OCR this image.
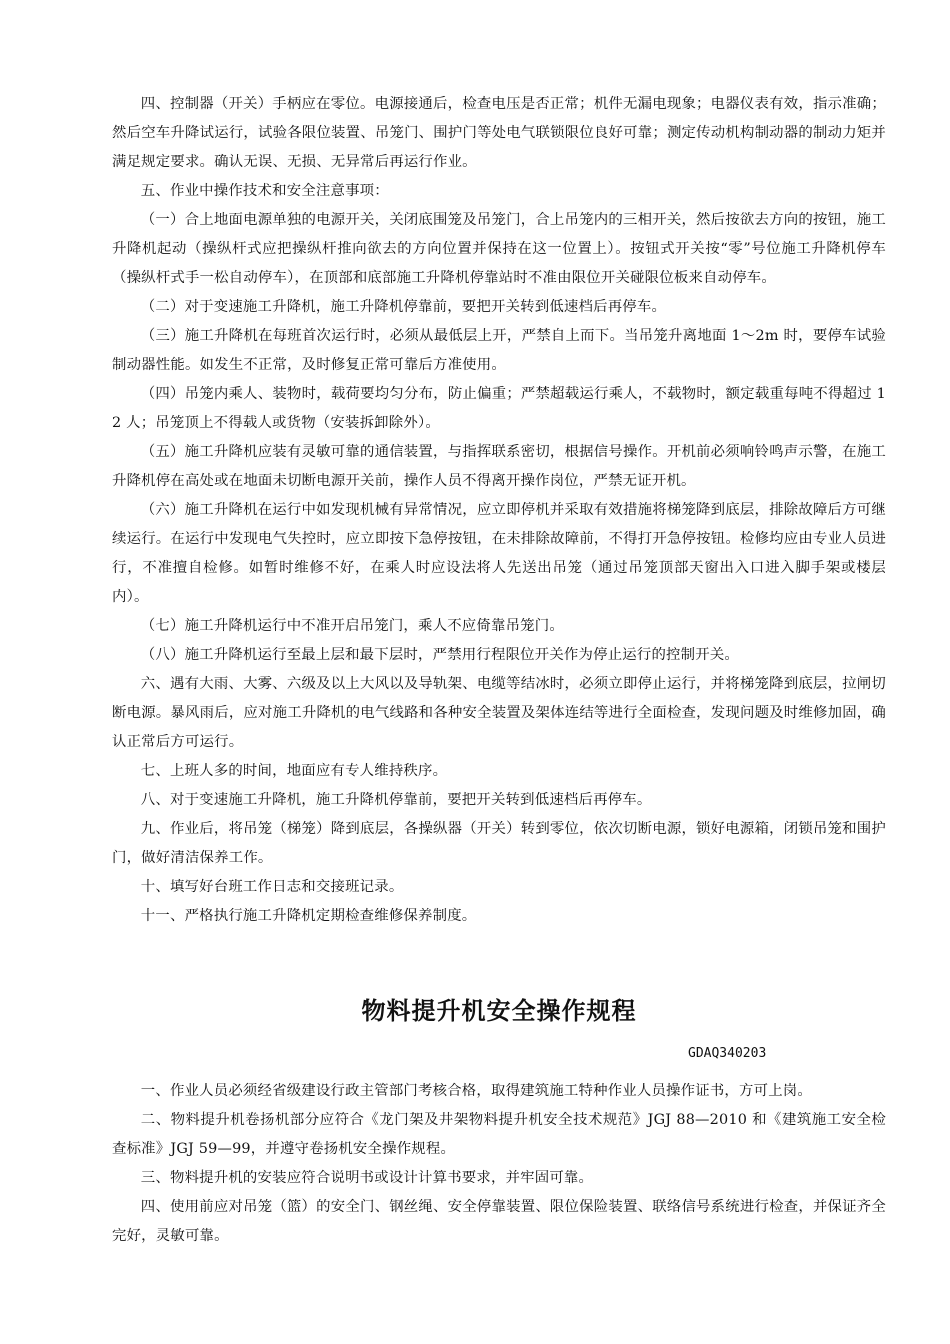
四、控制器（开关）手柄应在零位。电源接通后，检查电压是否正常；机件无漏电现象；电器仪表有效，指示准确；然后空车升降试运行，试验各限位装置、吊笼门、围护门等处电气联锁限位良好可靠；测定传动机构制动器的制动力矩并满足规定要求。确认无误、无损、无异常后再运行作业。

五、作业中操作技术和安全注意事项：

（一）合上地面电源单独的电源开关，关闭底围笼及吊笼门，合上吊笼内的三相开关，然后按欲去方向的按钮，施工升降机起动（操纵杆式应把操纵杆推向欲去的方向位置并保持在这一位置上）。按钮式开关按“零”号位施工升降机停车（操纵杆式手一松自动停车），在顶部和底部施工升降机停靠站时不准由限位开关碰限位板来自动停车。

（二）对于变速施工升降机，施工升降机停靠前，要把开关转到低速档后再停车。

（三）施工升降机在每班首次运行时，必须从最低层上开，严禁自上而下。当吊笼升离地面 1～2m 时，要停车试验制动器性能。如发生不正常，及时修复正常可靠后方准使用。

（四）吊笼内乘人、装物时，载荷要均匀分布，防止偏重；严禁超载运行乘人，不载物时，额定载重每吨不得超过 12 人；吊笼顶上不得载人或货物（安装拆卸除外）。

（五）施工升降机应装有灵敏可靠的通信装置，与指挥联系密切，根据信号操作。开机前必须响铃鸣声示警，在施工升降机停在高处或在地面未切断电源开关前，操作人员不得离开操作岗位，严禁无证开机。

（六）施工升降机在运行中如发现机械有异常情况，应立即停机并采取有效措施将梯笼降到底层，排除故障后方可继续运行。在运行中发现电气失控时，应立即按下急停按钮，在未排除故障前，不得打开急停按钮。检修均应由专业人员进行，不准擅自检修。如暂时维修不好，在乘人时应设法将人先送出吊笼（通过吊笼顶部天窗出入口进入脚手架或楼层内）。

（七）施工升降机运行中不准开启吊笼门，乘人不应倚靠吊笼门。

（八）施工升降机运行至最上层和最下层时，严禁用行程限位开关作为停止运行的控制开关。

六、遇有大雨、大雾、六级及以上大风以及导轨架、电缆等结冰时，必须立即停止运行，并将梯笼降到底层，拉闸切断电源。暴风雨后，应对施工升降机的电气线路和各种安全装置及架体连结等进行全面检查，发现问题及时维修加固，确认正常后方可运行。

七、上班人多的时间，地面应有专人维持秩序。

八、对于变速施工升降机，施工升降机停靠前，要把开关转到低速档后再停车。

九、作业后，将吊笼（梯笼）降到底层，各操纵器（开关）转到零位，依次切断电源，锁好电源箱，闭锁吊笼和围护门，做好清洁保养工作。

十、填写好台班工作日志和交接班记录。

十一、严格执行施工升降机定期检查维修保养制度。

物料提升机安全操作规程
GDAQ340203

一、作业人员必须经省级建设行政主管部门考核合格，取得建筑施工特种作业人员操作证书，方可上岗。

二、物料提升机卷扬机部分应符合《龙门架及井架物料提升机安全技术规范》JGJ 88—2010 和《建筑施工安全检查标准》JGJ 59—99，并遵守卷扬机安全操作规程。

三、物料提升机的安装应符合说明书或设计计算书要求，并牢固可靠。

四、使用前应对吊笼（篮）的安全门、钢丝绳、安全停靠装置、限位保险装置、联络信号系统进行检查，并保证齐全完好，灵敏可靠。
